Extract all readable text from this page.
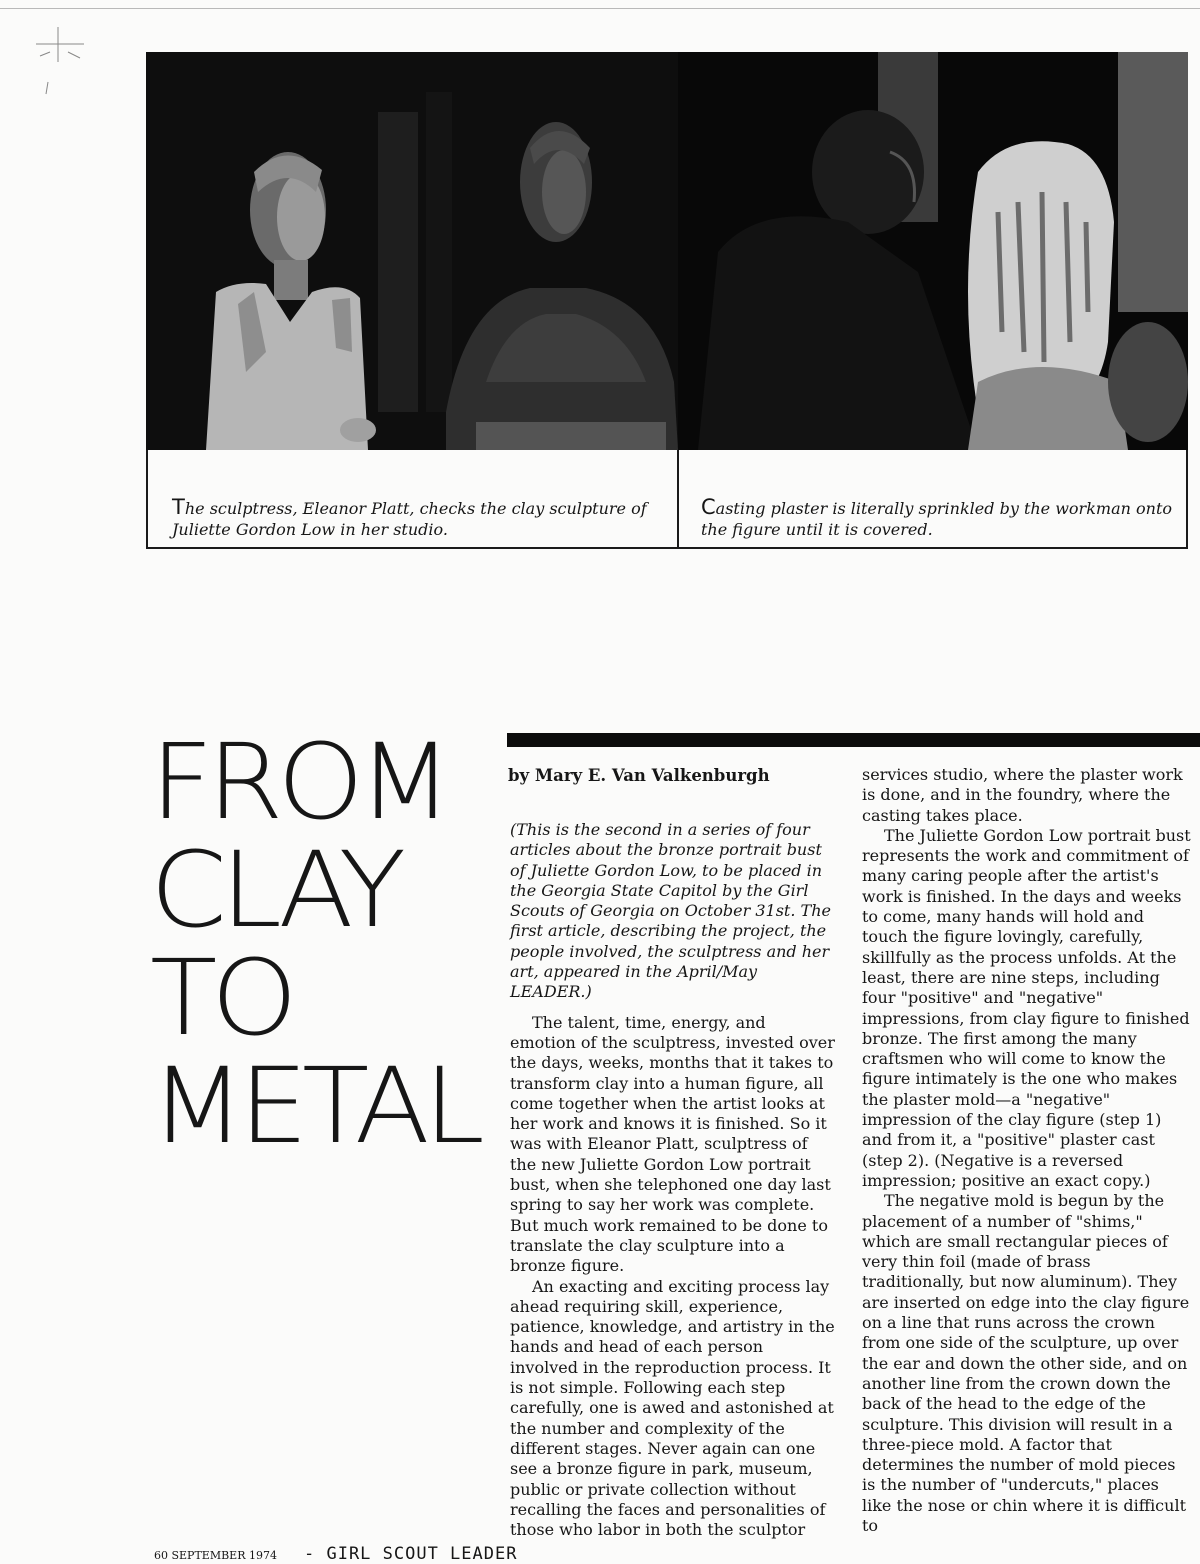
The sculptress, Eleanor Platt, checks the clay sculpture of Juliette Gordon Low in her studio.
Casting plaster is literally sprinkled by the workman onto the figure until it is covered.
FROM
CLAY
TO
METAL
by Mary E. Van Valkenburgh

(This is the second in a series of four articles about the bronze portrait bust of Juliette Gordon Low, to be placed in the Georgia State Capitol by the Girl Scouts of Georgia on October 31st. The first article, describing the project, the people involved, the sculptress and her art, appeared in the April/May LEADER.)

The talent, time, energy, and emotion of the sculptress, invested over the days, weeks, months that it takes to transform clay into a human figure, all come together when the artist looks at her work and knows it is finished. So it was with Eleanor Platt, sculptress of the new Juliette Gordon Low portrait bust, when she telephoned one day last spring to say her work was complete. But much work remained to be done to translate the clay sculpture into a bronze figure.

An exacting and exciting process lay ahead requiring skill, experience, patience, knowledge, and artistry in the hands and head of each person involved in the reproduction process. It is not simple. Following each step carefully, one is awed and astonished at the number and complexity of the different stages. Never again can one see a bronze figure in park, museum, public or private collection without recalling the faces and personalities of those who labor in both the sculptor

services studio, where the plaster work is done, and in the foundry, where the casting takes place.

The Juliette Gordon Low portrait bust represents the work and commitment of many caring people after the artist's work is finished. In the days and weeks to come, many hands will hold and touch the figure lovingly, carefully, skillfully as the process unfolds. At the least, there are nine steps, including four "positive" and "negative" impressions, from clay figure to finished bronze. The first among the many craftsmen who will come to know the figure intimately is the one who makes the plaster mold—a "negative" impression of the clay figure (step 1) and from it, a "positive" plaster cast (step 2). (Negative is a reversed impression; positive an exact copy.)

The negative mold is begun by the placement of a number of "shims," which are small rectangular pieces of very thin foil (made of brass traditionally, but now aluminum). They are inserted on edge into the clay figure on a line that runs across the crown from one side of the sculpture, up over the ear and down the other side, and on another line from the crown down the back of the head to the edge of the sculpture. This division will result in a three-piece mold. A factor that determines the number of mold pieces is the number of "undercuts," places like the nose or chin where it is difficult to

60 SEPTEMBER 1974 - GIRL SCOUT LEADER
